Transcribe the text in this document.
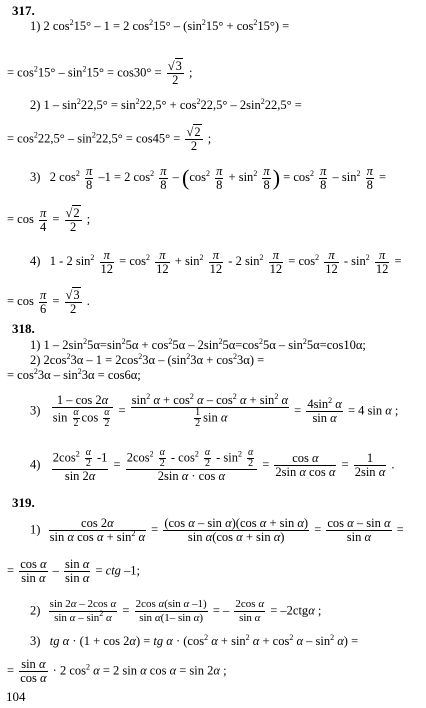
317.
1) 2 $\cos^215^\circ - 1 = 2$ $\cos^215^\circ - (\sin^215^\circ + \cos^215^\circ)$ =
= $\cos^215^\circ - \sin^215^\circ = \cos 30^\circ = \frac{√3}{2}$ ;
2) $1 - \sin^222,5^\circ = \sin^222,5^\circ + \cos^222,5^\circ - 2\sin^222,5^\circ$ =
= $\cos^222,5^\circ - \sin^222,5^\circ = \cos 45^\circ = \frac{√2}{2}$ ;
3)   2 $\cos^2 \frac{\pi}{8} -1 = 2$ $\cos^2 \frac{\pi}{8} - (\cos^2 \frac{\pi}{8} + \sin^2 \frac{\pi}{8}$ ) = $\cos^2 \frac{\pi}{8} - \sin^2 \frac{\pi}{8}$ =
= $\cos \frac{\pi}{4} = \frac{√2}{2}$ ;
4)   1 - 2 $\sin^2 \frac{\pi}{12} = \cos^2 \frac{\pi}{12} + \sin^2 \frac{\pi}{12} - 2$ $\sin^2 \frac{\pi}{12} = \cos^2 \frac{\pi}{12} - \sin^2 \frac{\pi}{12}$ =
= $\cos \frac{\pi}{6} = \frac{√3}{2}$ .
318.
1) $1 - 2\sin^25\alpha=\sin^25\alpha + \cos^25\alpha - 2\sin^25\alpha=\cos^25\alpha - \sin^25\alpha=\cos 10\alpha$;
2) $2\cos^23\alpha - 1 = 2\cos^23\alpha - (\sin^23\alpha + \cos^23\alpha)$ =
= $\cos^23\alpha - \sin^23\alpha = \cos 6\alpha$;
$3) \frac{1 - \cos 2\alpha}{\sin \frac{\alpha}{2} \cos \frac{\alpha}{2}} = \frac{\sin^2 \alpha + \cos^2 \alpha - \cos^2 \alpha + \sin^2 \alpha}{\frac{1}{2} \sin \alpha} = \frac{4\sin^2 \alpha}{\text{sin α}} = 4$ sin α ;
$4) \frac{2\cos^2 \frac{\alpha}{2} -1}{\sin 2\alpha} = \frac{2\cos^2 \frac{\alpha}{2} - \cos^2 \frac{\alpha}{2} - \sin^2 \frac{\alpha}{2}}{\text{2sin α · cos α}} = \frac{\text{cos α}}{\text{2sin α cos α}} = \frac{1}{\text{2sin α}}$ .
319.
$1) \frac{\cos 2\alpha}{\sin \alpha \cos \alpha + \sin^2 \alpha} = \frac{\text{(cos α – sin α)(cos α + sin α)}}{\text{sin α(cos α + sin α)}} = \frac{\text{cos α – sin α}}{\text{sin α}}$ =
= $\frac{\text{cos α}}{\text{sin α}} - \frac{\text{sin α}}{\text{sin α}}$ = ctg –1;
$2) \frac{\text{sin 2α – 2cos α}}{\sin \alpha - \sin^2 \alpha} = \frac{\text{2cos α(sin α –1)}}{\text{sin α(1– sin α)}}$ = – $\frac{\text{2cos α}}{\text{sin α}} = -2ctg\alpha$ ;
3)   tg α · (1 + cos 2α) = tg $\alpha \cdot (\cos^2$ $\alpha + \sin^2 \alpha + \cos^2 \alpha - \sin^2 \alpha$) =
= $\frac{\text{sin α}}{\text{cos α}} \cdot 2$ $\cos^2 \alpha = 2$ sin α cos α = sin 2α ;
104
